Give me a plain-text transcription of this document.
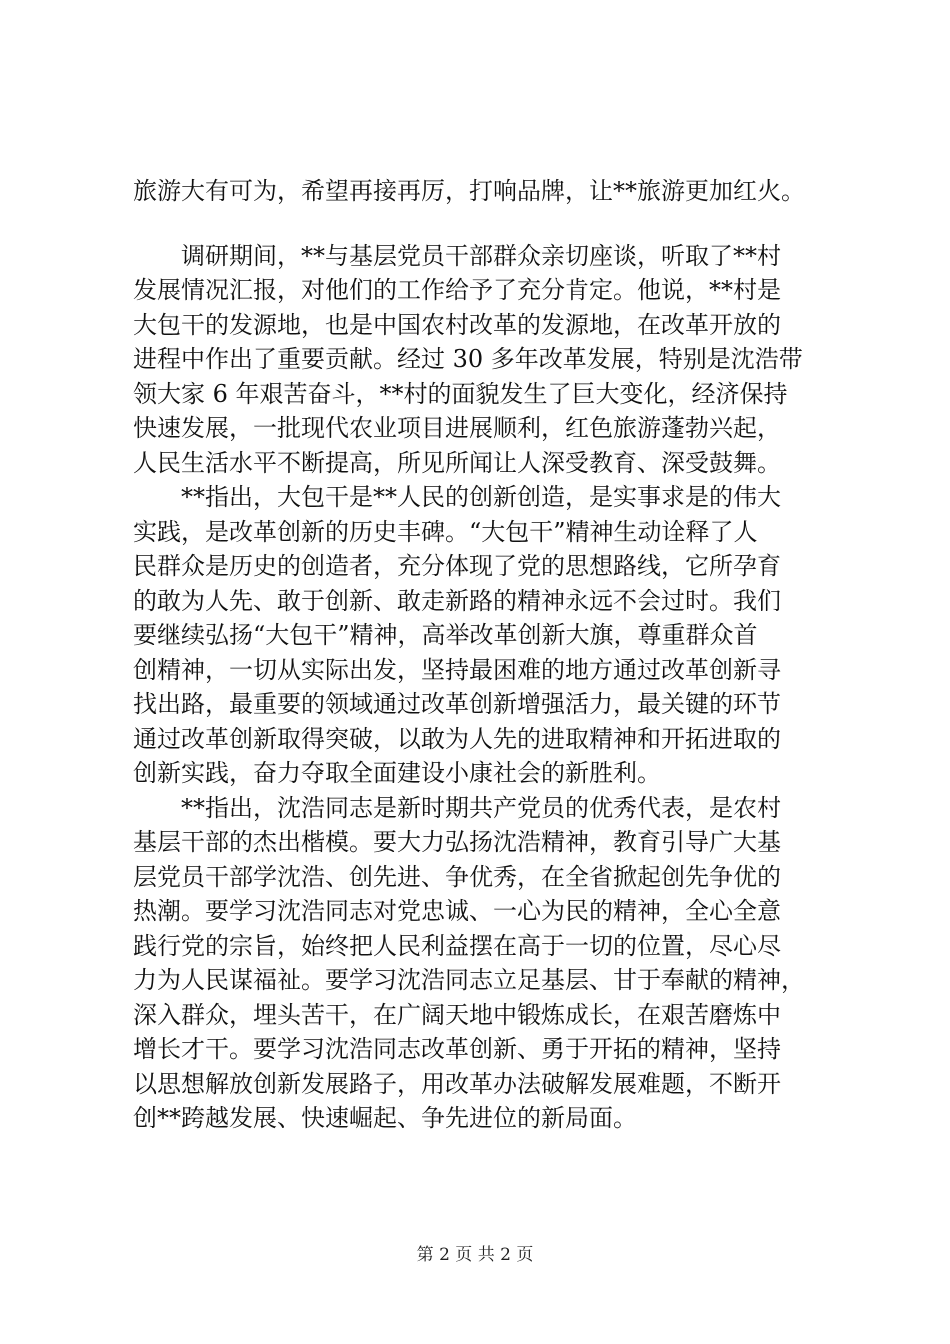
旅游大有可为，希望再接再厉，打响品牌，让**旅游更加红火。
调研期间，**与基层党员干部群众亲切座谈，听取了**村
发展情况汇报，对他们的工作给予了充分肯定。他说，**村是
大包干的发源地，也是中国农村改革的发源地，在改革开放的
进程中作出了重要贡献。经过 30 多年改革发展，特别是沈浩带
领大家 6 年艰苦奋斗，**村的面貌发生了巨大变化，经济保持
快速发展，一批现代农业项目进展顺利，红色旅游蓬勃兴起，
人民生活水平不断提高，所见所闻让人深受教育、深受鼓舞。
**指出，大包干是**人民的创新创造，是实事求是的伟大
实践，是改革创新的历史丰碑。“大包干”精神生动诠释了人
民群众是历史的创造者，充分体现了党的思想路线，它所孕育
的敢为人先、敢于创新、敢走新路的精神永远不会过时。我们
要继续弘扬“大包干”精神，高举改革创新大旗，尊重群众首
创精神，一切从实际出发，坚持最困难的地方通过改革创新寻
找出路，最重要的领域通过改革创新增强活力，最关键的环节
通过改革创新取得突破，以敢为人先的进取精神和开拓进取的
创新实践，奋力夺取全面建设小康社会的新胜利。
**指出，沈浩同志是新时期共产党员的优秀代表，是农村
基层干部的杰出楷模。要大力弘扬沈浩精神，教育引导广大基
层党员干部学沈浩、创先进、争优秀，在全省掀起创先争优的
热潮。要学习沈浩同志对党忠诚、一心为民的精神，全心全意
践行党的宗旨，始终把人民利益摆在高于一切的位置，尽心尽
力为人民谋福祉。要学习沈浩同志立足基层、甘于奉献的精神，
深入群众，埋头苦干，在广阔天地中锻炼成长，在艰苦磨炼中
增长才干。要学习沈浩同志改革创新、勇于开拓的精神，坚持
以思想解放创新发展路子，用改革办法破解发展难题，不断开
创**跨越发展、快速崛起、争先进位的新局面。
第 2 页 共 2 页
